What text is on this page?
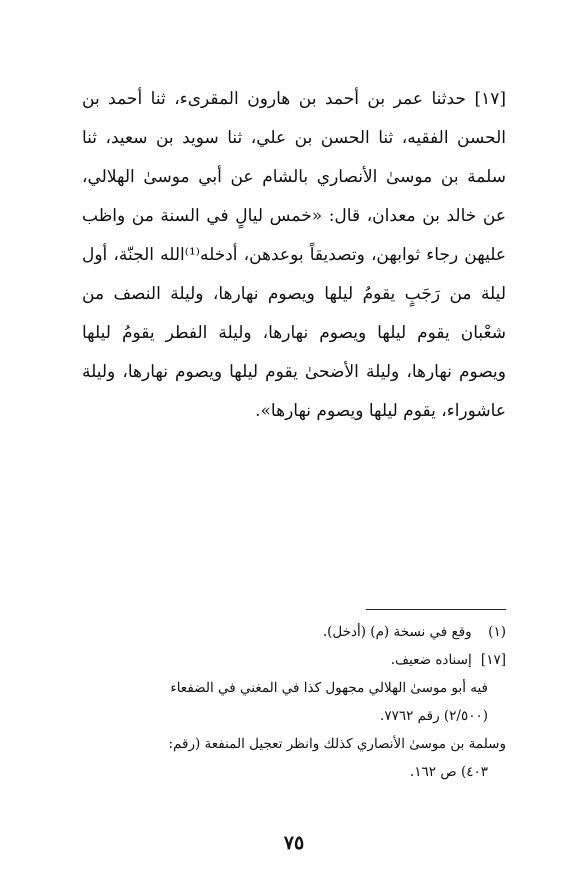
[١٧] حدثنا عمر بن أحمد بن هارون المقرىء، ثنا أحمد بن الحسن الفقيه، ثنا الحسن بن علي، ثنا سويد بن سعيد، ثنا سلمة بن موسىٰ الأنصاري بالشام عن أبي موسىٰ الهلالي، عن خالد بن معدان، قال: «خمس ليالٍ في السنة من واظب عليهن رجاء ثوابهن، وتصديقاً بوعدهن، أدخله⁽¹⁾الله الجنّة، أول ليلة من رَجَبٍ يقومُ ليلها ويصوم نهارها، وليلة النصف من شعْبان يقوم ليلها ويصوم نهارها، وليلة الفطر يقومُ ليلها ويصوم نهارها، وليلة الأضحىٰ يقوم ليلها ويصوم نهارها، وليلة عاشوراء، يقوم ليلها ويصوم نهارها».

(١) وقع في نسخة (م) (أدخل).

[١٧] إسناده ضعيف.

فيه أبو موسىٰ الهلالي مجهول كذا في المغني في الضفعاء

(٢/٥٠٠) رقم ٧٧٦٢.

وسلمة بن موسىٰ الأنصاري كذلك وانظر تعجيل المنفعة (رقم:

٤٠٣) ص ١٦٢.

٧٥
